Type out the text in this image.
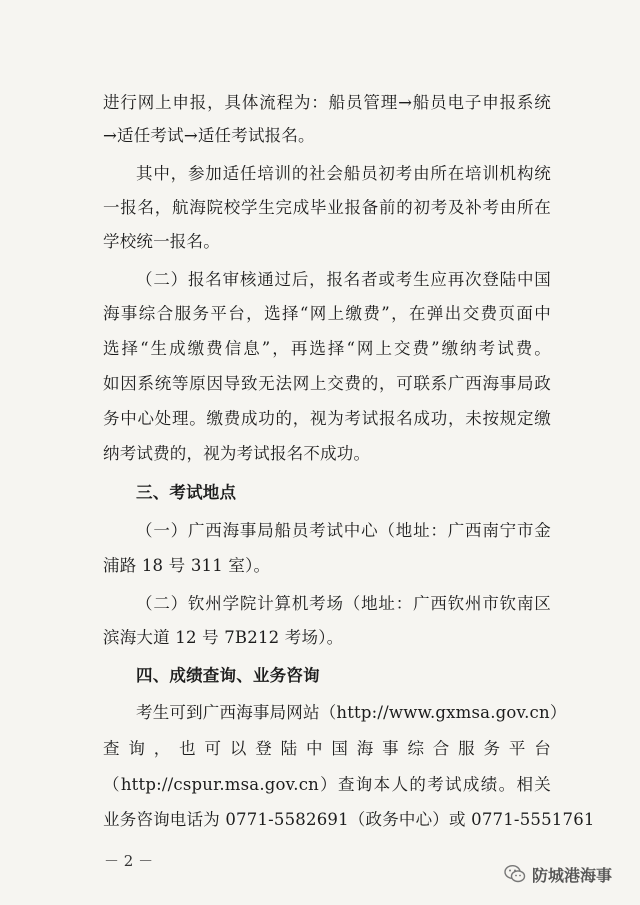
进行网上申报，具体流程为：船员管理→船员电子申报系统
→适任考试→适任考试报名。
其中，参加适任培训的社会船员初考由所在培训机构统
一报名，航海院校学生完成毕业报备前的初考及补考由所在
学校统一报名。
（二）报名审核通过后，报名者或考生应再次登陆中国
海事综合服务平台，选择“网上缴费”，在弹出交费页面中
选择“生成缴费信息”，再选择“网上交费”缴纳考试费。
如因系统等原因导致无法网上交费的，可联系广西海事局政
务中心处理。缴费成功的，视为考试报名成功，未按规定缴
纳考试费的，视为考试报名不成功。
三、考试地点
（一）广西海事局船员考试中心（地址：广西南宁市金
浦路 18 号 311 室）。
（二）钦州学院计算机考场（地址：广西钦州市钦南区
滨海大道 12 号 7B212 考场）。
四、成绩查询、业务咨询
考生可到广西海事局网站（http://www.gxmsa.gov.cn）
查询，也可以登陆中国海事综合服务平台
（http://cspur.msa.gov.cn）查询本人的考试成绩。相关
业务咨询电话为 0771-5582691（政务中心）或 0771-5551761
－ 2 －
防城港海事
